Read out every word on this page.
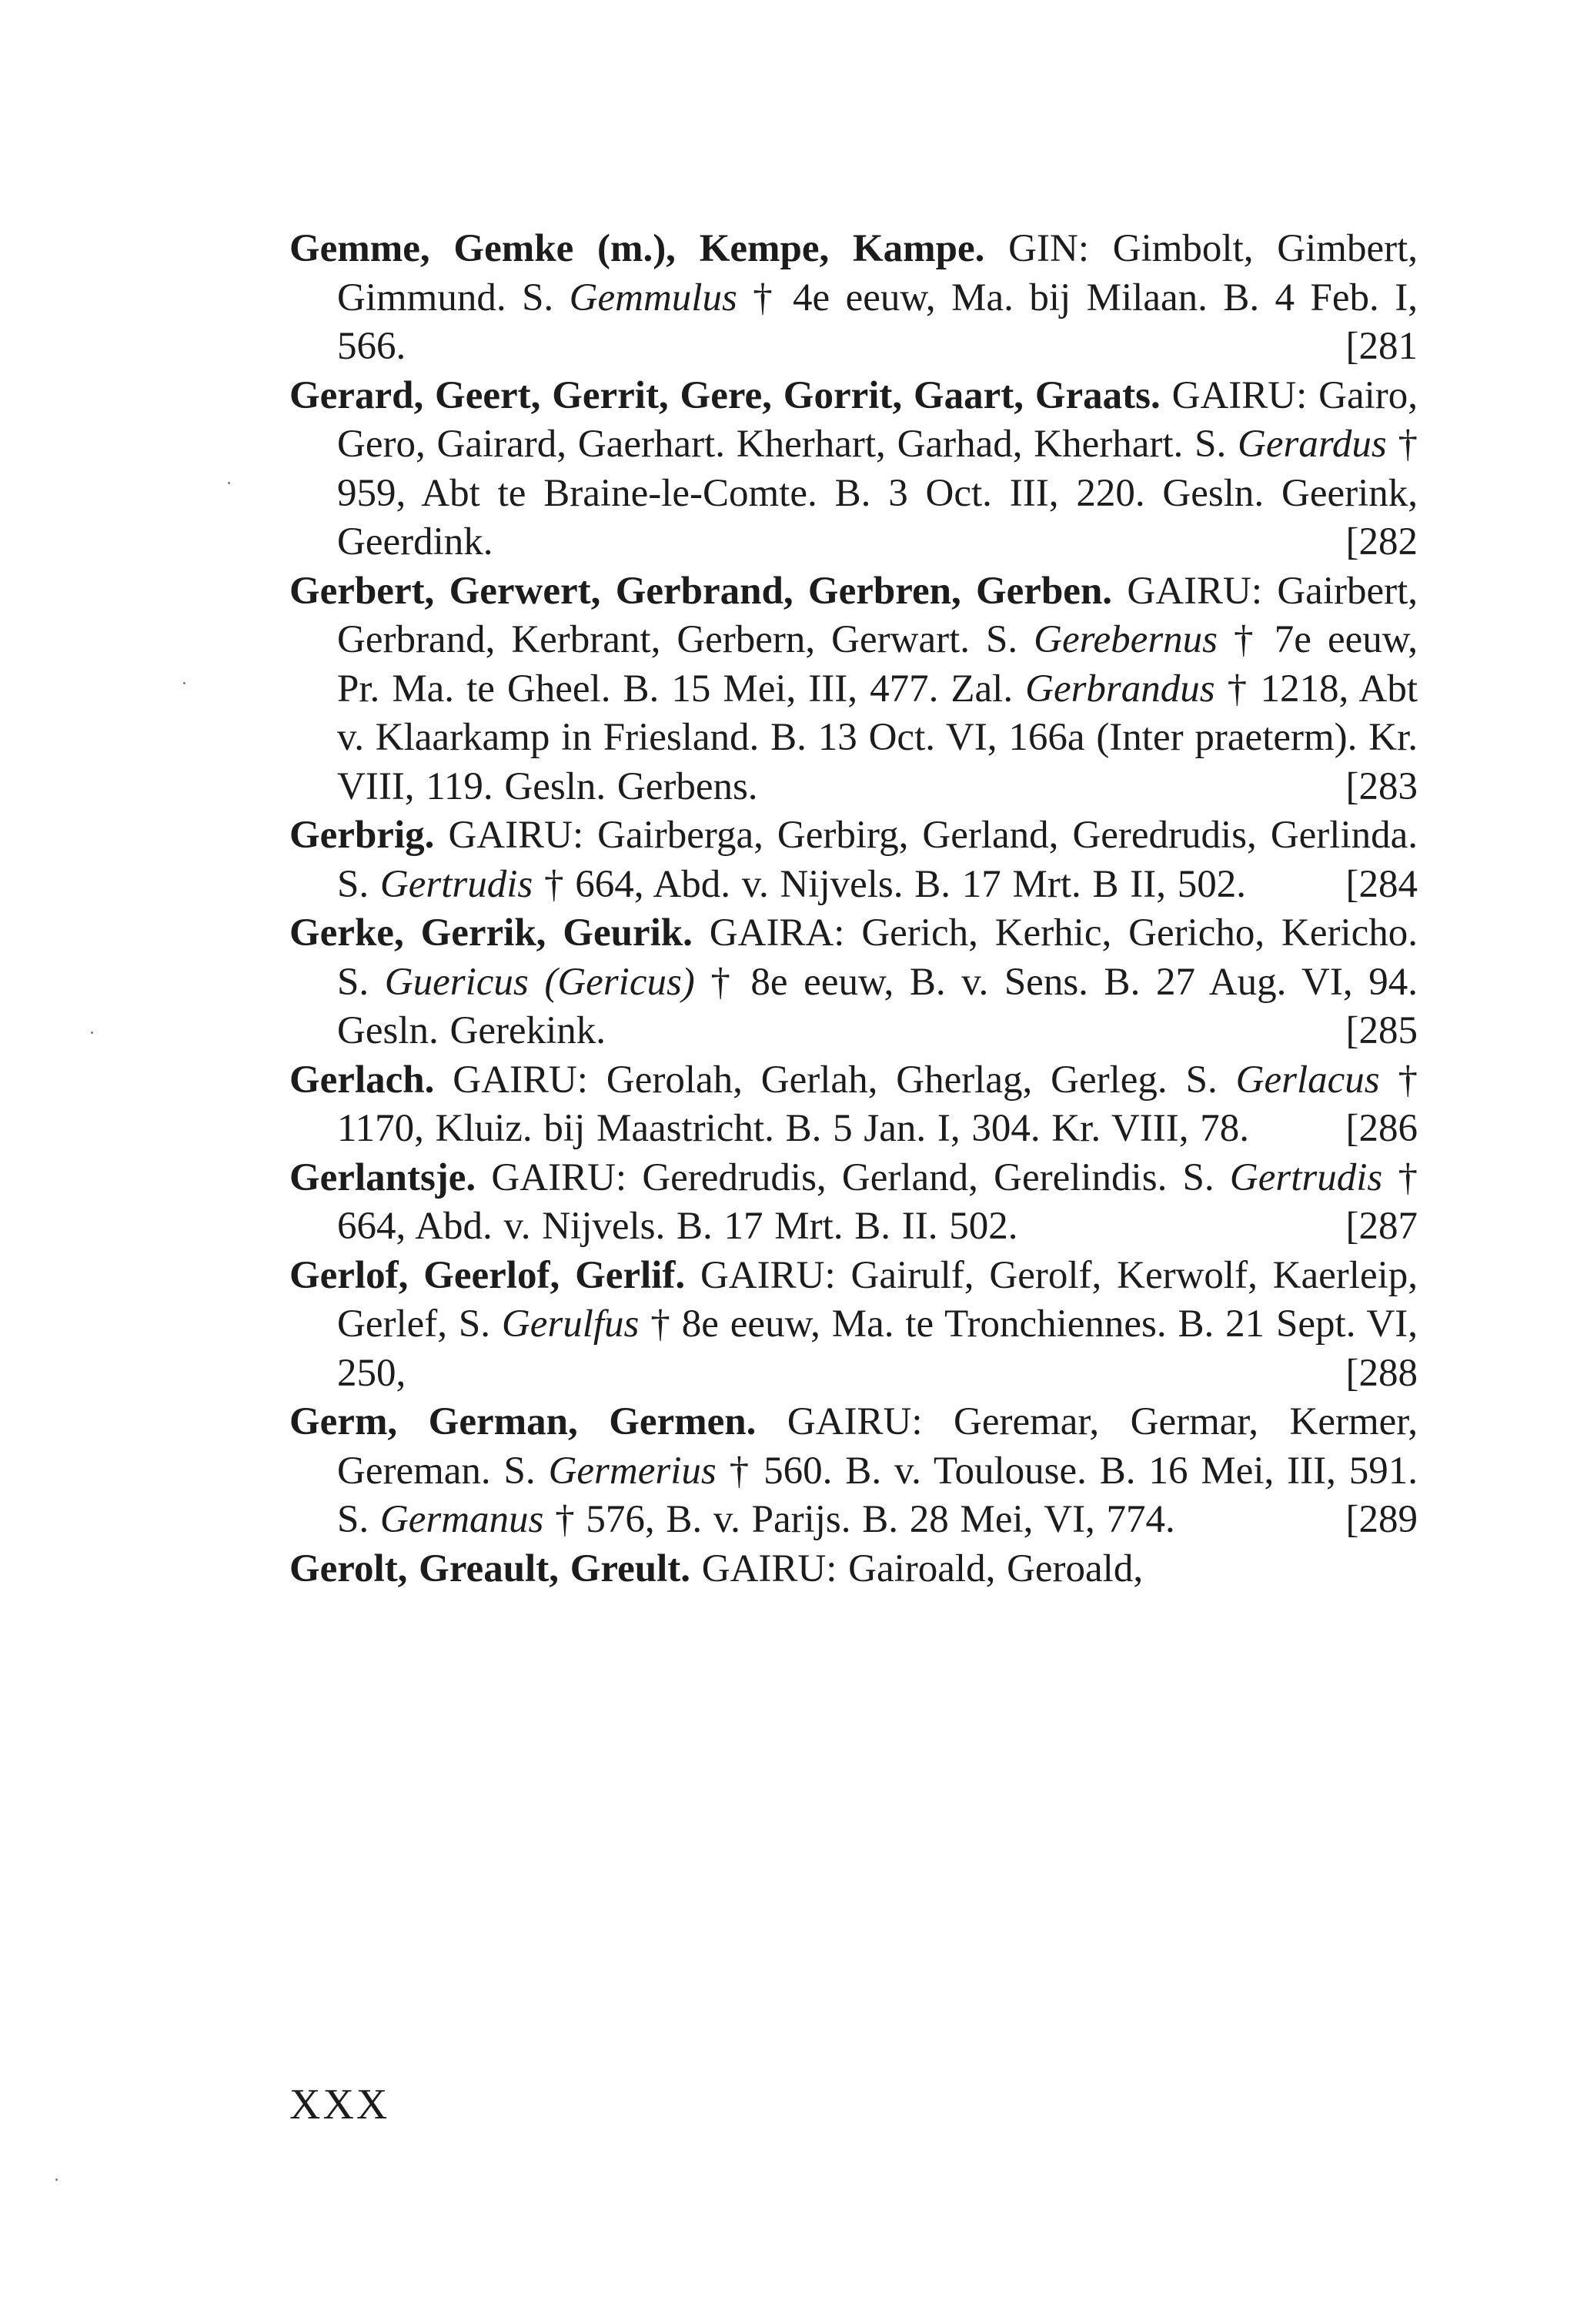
Gemme, Gemke (m.), Kempe, Kampe. GIN: Gimbolt, Gimbert, Gimmund. S. Gemmulus † 4e eeuw, Ma. bij Milaan. B. 4 Feb. I, 566.	[281

Gerard, Geert, Gerrit, Gere, Gorrit, Gaart, Graats. GAIRU: Gairo, Gero, Gairard, Gaerhart. Kherhart, Garhad, Kherhart. S. Gerardus † 959, Abt te Braine-le-Comte. B. 3 Oct. III, 220. Gesln. Geerink, Geerdink.	[282

Gerbert, Gerwert, Gerbrand, Gerbren, Gerben. GAIRU: Gairbert, Gerbrand, Kerbrant, Gerbern, Gerwart. S. Gerebernus † 7e eeuw, Pr. Ma. te Gheel. B. 15 Mei, III, 477. Zal. Gerbrandus † 1218, Abt v. Klaarkamp in Friesland. B. 13 Oct. VI, 166a (Inter praeterm). Kr. VIII, 119. Gesln. Gerbens.	[283

Gerbrig. GAIRU: Gairberga, Gerbirg, Gerland, Geredrudis, Gerlinda. S. Gertrudis † 664, Abd. v. Nijvels. B. 17 Mrt. B II, 502.	[284

Gerke, Gerrik, Geurik. GAIRA: Gerich, Kerhic, Gericho, Kericho. S. Guericus (Gericus) † 8e eeuw, B. v. Sens. B. 27 Aug. VI, 94. Gesln. Gerekink.	[285

Gerlach. GAIRU: Gerolah, Gerlah, Gherlag, Gerleg. S. Gerlacus † 1170, Kluiz. bij Maastricht. B. 5 Jan. I, 304. Kr. VIII, 78.	[286

Gerlantsje. GAIRU: Geredrudis, Gerland, Gerelindis. S. Gertrudis † 664, Abd. v. Nijvels. B. 17 Mrt. B. II. 502.	[287

Gerlof, Geerlof, Gerlif. GAIRU: Gairulf, Gerolf, Kerwolf, Kaerleip, Gerlef, S. Gerulfus † 8e eeuw, Ma. te Tronchiennes. B. 21 Sept. VI, 250,	[288

Germ, German, Germen. GAIRU: Geremar, Germar, Kermer, Gereman. S. Germerius † 560. B. v. Toulouse. B. 16 Mei, III, 591. S. Germanus † 576, B. v. Parijs. B. 28 Mei, VI, 774.	[289

Gerolt, Greault, Greult. GAIRU: Gairoald, Geroald,

XXX
